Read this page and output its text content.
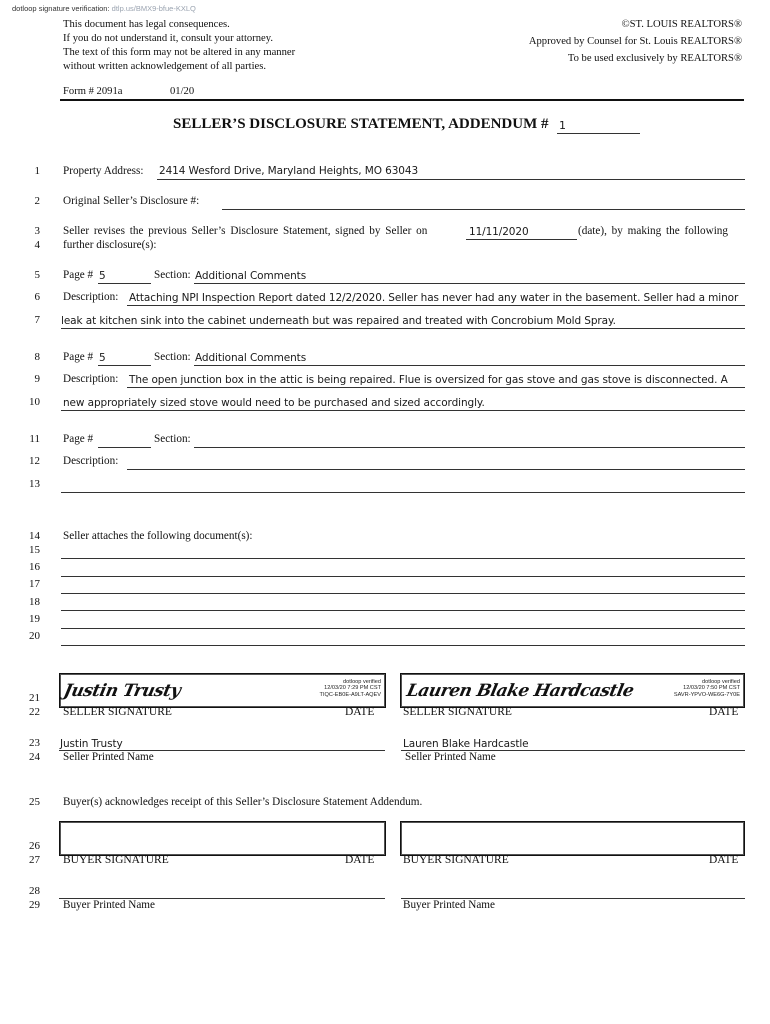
dotloop signature verification: dtlp.us/BMX9-bfue-KXLQ
This document has legal consequences.
If you do not understand it, consult your attorney.
The text of this form may not be altered in any manner
without written acknowledgement of all parties.
©ST. LOUIS REALTORS®
Approved by Counsel for St. Louis REALTORS®
To be used exclusively by REALTORS®
Form # 2091a	01/20
SELLER’S DISCLOSURE STATEMENT, ADDENDUM # 1
1
2
3
4
5
6
7
8
9
10
11
12
13
14
15
16
17
18
19
20
21
22
23
24
25
26
27
28
29
Property Address: 2414 Wesford Drive, Maryland Heights, MO 63043
Original Seller’s Disclosure #:
Seller revises the previous Seller’s Disclosure Statement, signed by Seller on	11/11/2020	(date), by making the following
further disclosure(s):
Page # 5	Section: Additional Comments
Description: Attaching NPI Inspection Report dated 12/2/2020. Seller has never had any water in the basement. Seller had a minor
leak at kitchen sink into the cabinet underneath but was repaired and treated with Concrobium Mold Spray.
Page # 5	Section: Additional Comments
Description: The open junction box in the attic is being repaired. Flue is oversized for gas stove and gas stove is disconnected. A
new appropriately sized stove would need to be purchased and sized accordingly.
Page #	Section:
Description:
Seller attaches the following document(s):
Justin Trusty	dotloop verified
12/03/20 7:29 PM CST
TIQC-EB0E-A9LT-AQEV Lauren Blake Hardcastle	dotloop verified
12/03/20 7:50 PM CST
SAVR-YPVO-WE6G-7Y0E
SELLER SIGNATURE	DATE SELLER SIGNATURE	DATE
Justin Trusty
Seller Printed Name
Lauren Blake Hardcastle
Seller Printed Name
Buyer(s) acknowledges receipt of this Seller’s Disclosure Statement Addendum.
BUYER SIGNATURE	DATE BUYER SIGNATURE	DATE
Buyer Printed Name	Buyer Printed Name
